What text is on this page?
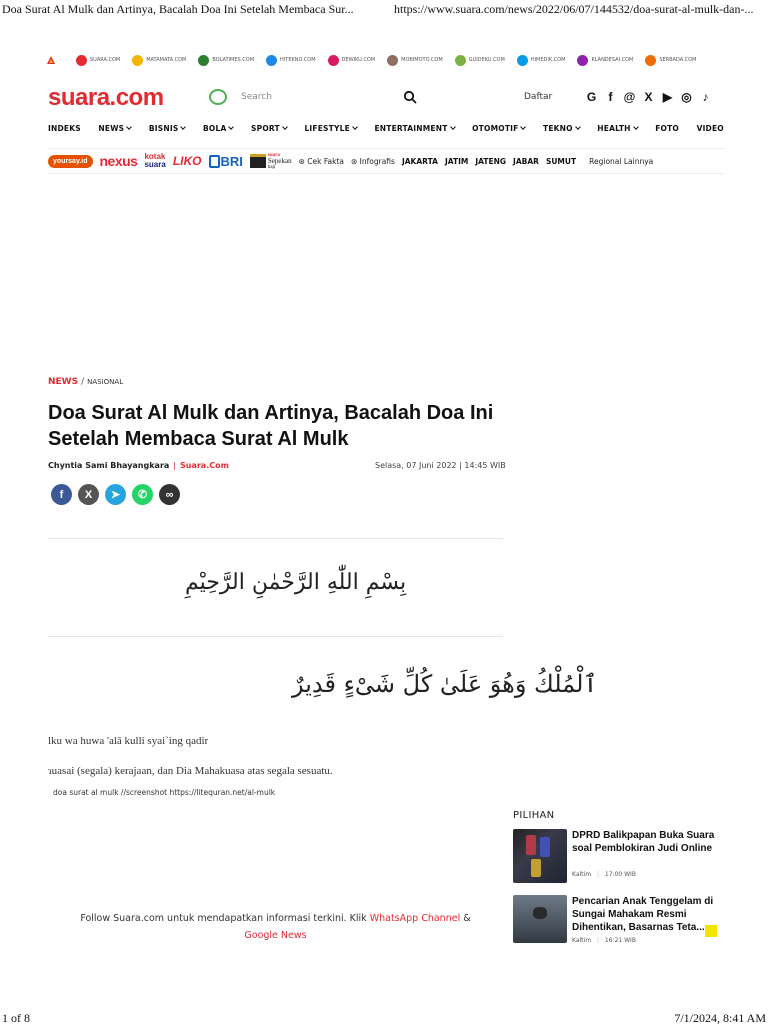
Doa Surat Al Mulk dan Artinya, Bacalah Doa Ini Setelah Membaca Sur...	https://www.suara.com/news/2022/06/07/144532/doa-surat-al-mulk-dan-...
SUARA.COM	MATAMATA.COM	BOLATIMES.COM	HITEKNO.COM	DEWIKU.COM	MOBIMOTO.COM	GUIDEKU.COM	HIMEDIK.COM	KLANDESAI.COM	SERBADA.COM
suara.com	Search	Daftar	G	f @ X ▶ ◎ ♪
INDEKS NEWS	BISNIS	BOLA	SPORT	LIFESTYLE	ENTERTAINMENT	OTOMOTIF	TEKNO	HEALTH	FOTO VIDEO
yoursay.id nexus kotak
suara LIKO BRI	suara
Sepekan
haji
⊛ Cek Fakta ⊛ Infografis JAKARTA JATIM JATENG JABAR SUMUT Regional Lainnya
NEWS / NASIONAL
Doa Surat Al Mulk dan Artinya, Bacalah Doa Ini Setelah Membaca Surat Al Mulk
Chyntia Sami Bhayangkara | Suara.Com	Selasa, 07 Juni 2022 | 14:45 WIB
f	X	➤	✆	∞
بِسْمِ اللّٰهِ الرَّحْمٰنِ الرَّحِيْمِ
ٱلْمُلْكُ وَهُوَ عَلَىٰ كُلِّ شَىْءٍ قَدِيرٌ
lku wa huwa 'alā kulli syai`ing qadir
ɿuasai (segala) kerajaan, dan Dia Mahakuasa atas segala sesuatu.
doa surat al mulk //screenshot https://litequran.net/al-mulk
PILIHAN
DPRD Balikpapan Buka Suara soal Pemblokiran Judi Online
Kaltim | 17:00 WIB
Pencarian Anak Tenggelam di Sungai Mahakam Resmi Dihentikan, Basarnas Teta...
Kaltim | 16:21 WIB
Follow Suara.com untuk mendapatkan informasi terkini. Klik WhatsApp Channel &
Google News
1 of 8	7/1/2024, 8:41 AM
